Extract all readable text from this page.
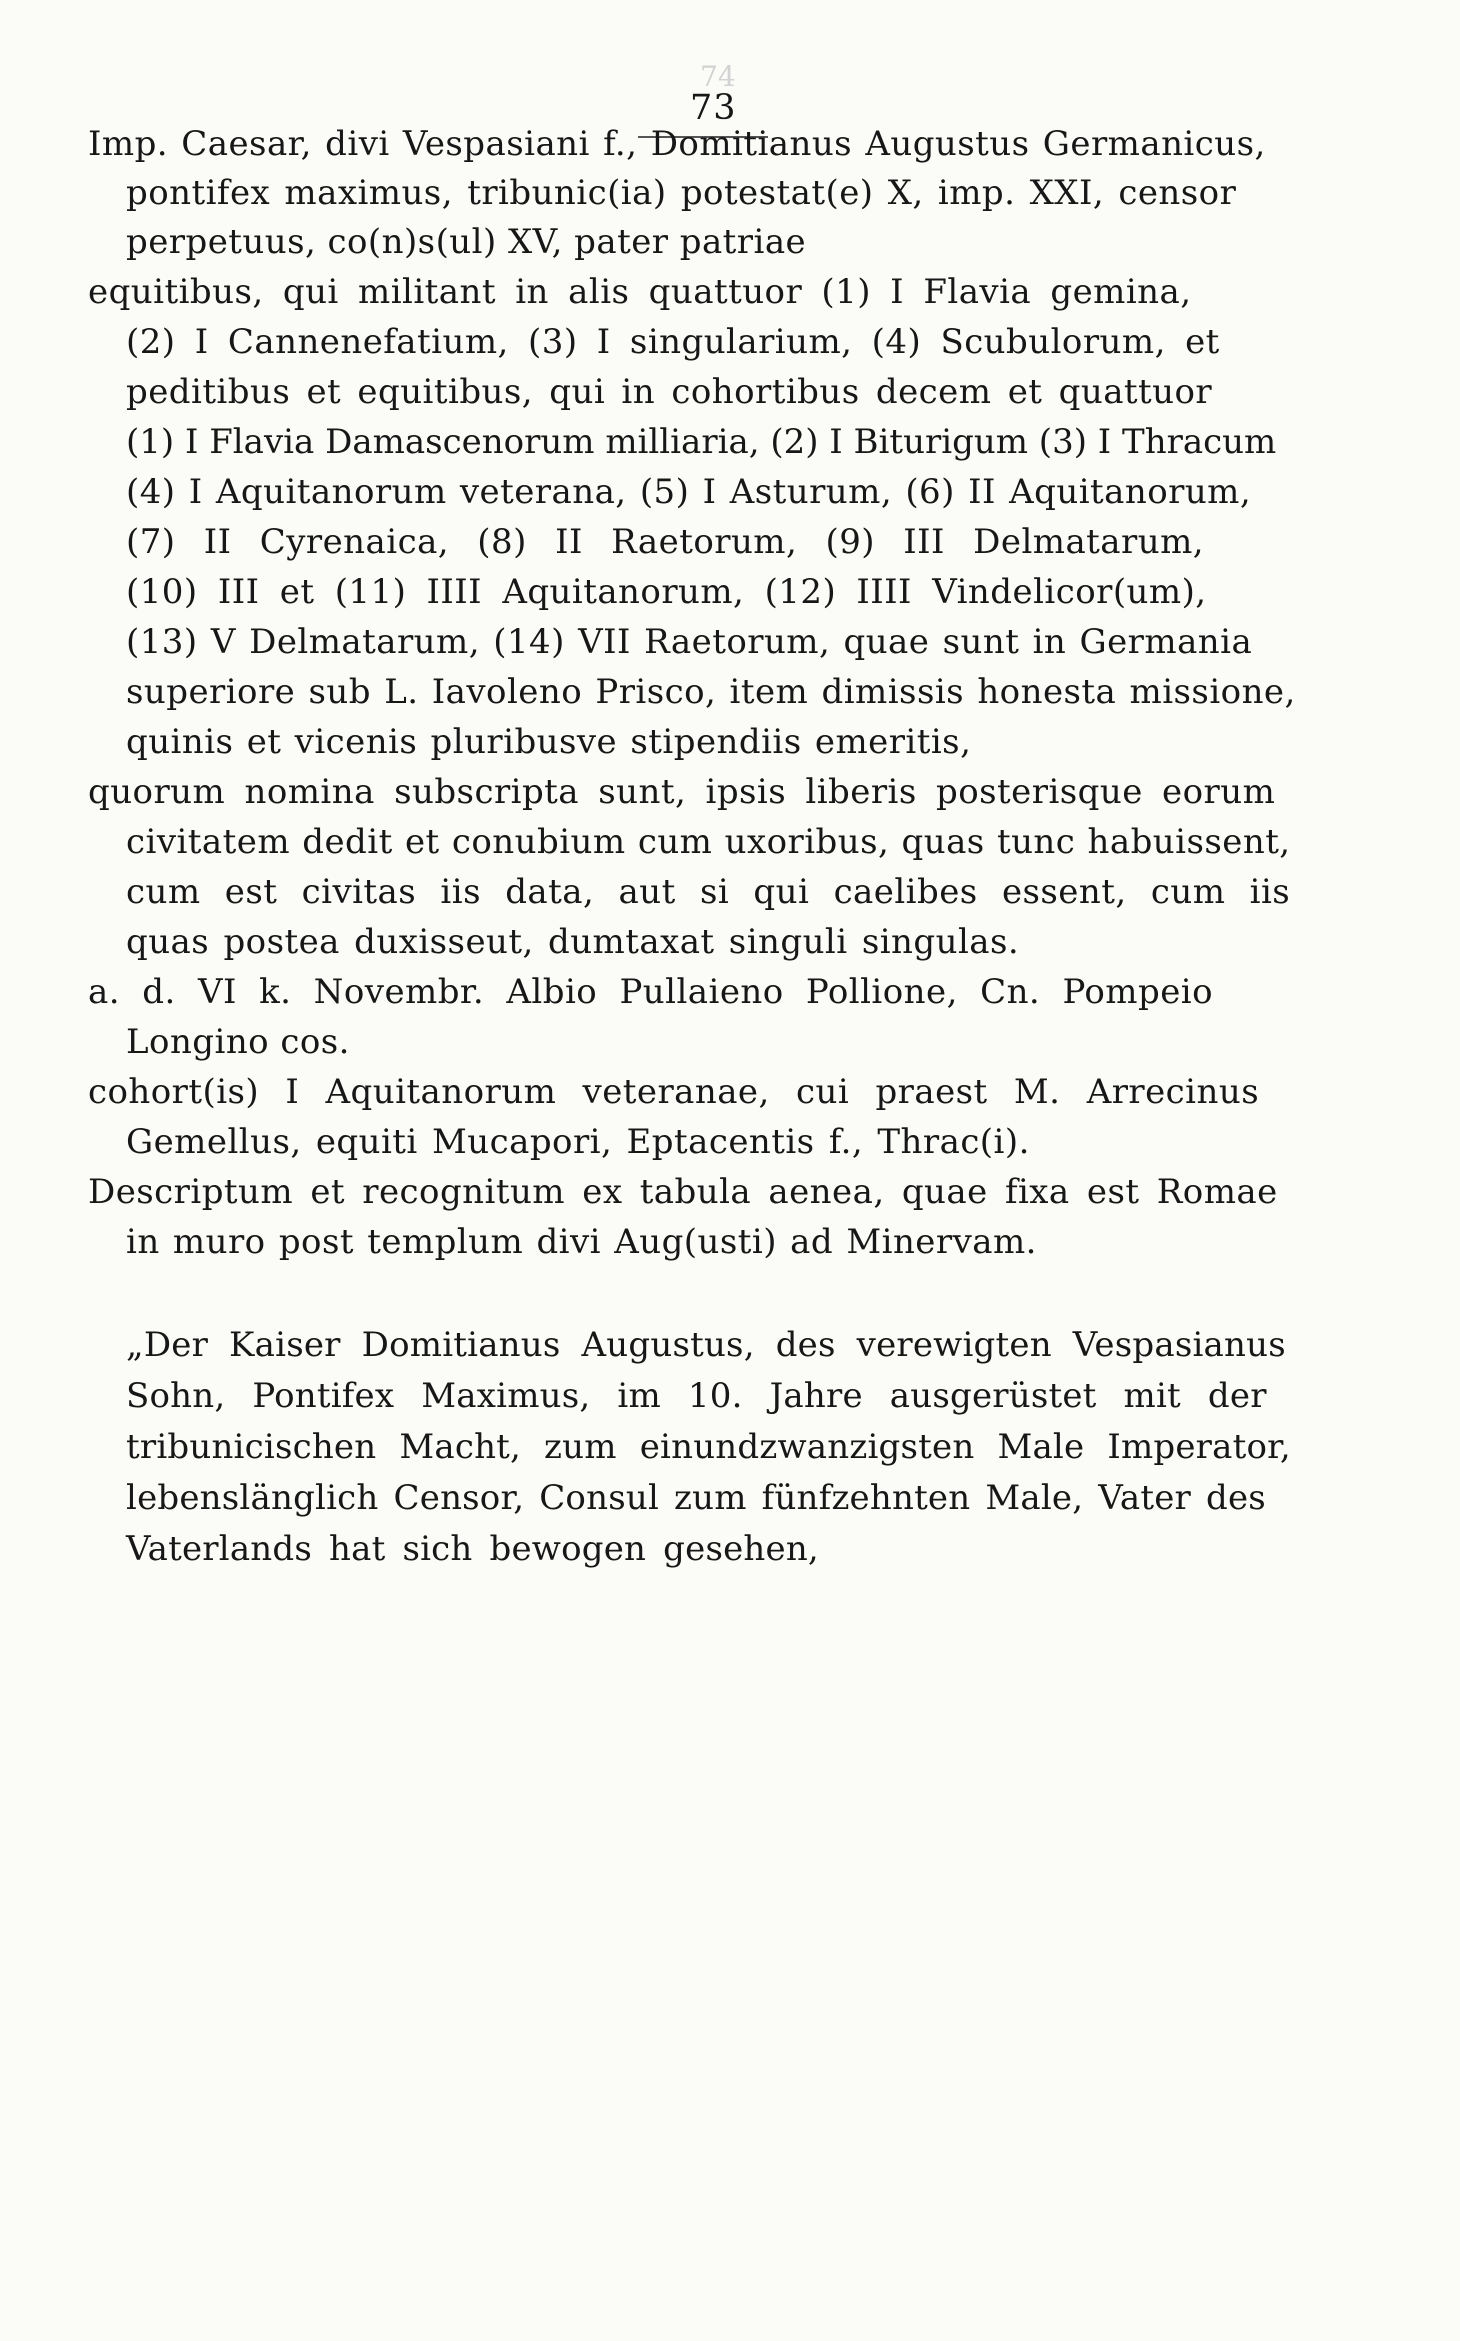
74
73
Imp. Caesar, divi Vespasiani f., Domitianus Augustus Germanicus,
pontifex maximus, tribunic(ia) potestat(e) X, imp. XXI, censor
perpetuus, co(n)s(ul) XV, pater patriae
equitibus, qui militant in alis quattuor (1) I Flavia gemina,
(2) I Cannenefatium, (3) I singularium, (4) Scubulorum, et
peditibus et equitibus, qui in cohortibus decem et quattuor
(1) I Flavia Damascenorum milliaria, (2) I Biturigum (3) I Thracum
(4) I Aquitanorum veterana, (5) I Asturum, (6) II Aquitanorum,
(7) II Cyrenaica, (8) II Raetorum, (9) III Delmatarum,
(10) III et (11) IIII Aquitanorum, (12) IIII Vindelicor(um),
(13) V Delmatarum, (14) VII Raetorum, quae sunt in Germania
superiore sub L. Iavoleno Prisco, item dimissis honesta missione,
quinis et vicenis pluribusve stipendiis emeritis,
quorum nomina subscripta sunt, ipsis liberis posterisque eorum
civitatem dedit et conubium cum uxoribus, quas tunc habuissent,
cum est civitas iis data, aut si qui caelibes essent, cum iis
quas postea duxisseut, dumtaxat singuli singulas.
a. d. VI k. Novembr. Albio Pullaieno Pollione, Cn. Pompeio
Longino cos.
cohort(is) I Aquitanorum veteranae, cui praest M. Arrecinus
Gemellus, equiti Mucapori, Eptacentis f., Thrac(i).
Descriptum et recognitum ex tabula aenea, quae fixa est Romae
in muro post templum divi Aug(usti) ad Minervam.
„Der Kaiser Domitianus Augustus, des verewigten Vespasianus
Sohn, Pontifex Maximus, im 10. Jahre ausgerüstet mit der
tribunicischen Macht, zum einundzwanzigsten Male Imperator,
lebenslänglich Censor, Consul zum fünfzehnten Male, Vater des
Vaterlands hat sich bewogen gesehen,
